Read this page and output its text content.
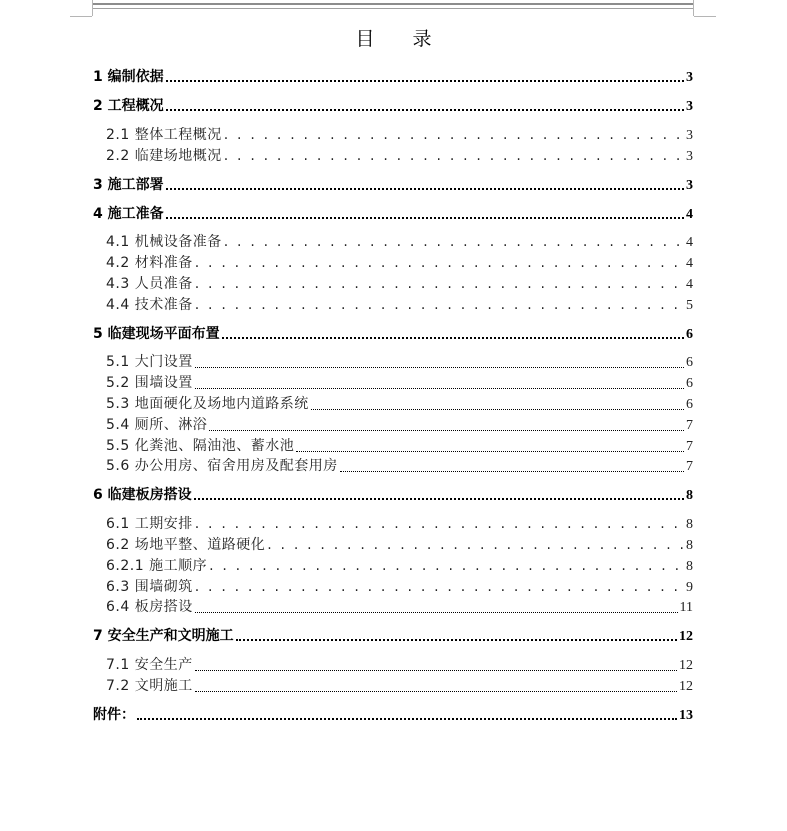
目　　录
1 编制依据	3
2 工程概况	3
2.1 整体工程概况 . . .	3
2.2 临建场地概况 . . .	3
3 施工部署	3
4 施工准备	4
4.1 机械设备准备 . . .	4
4.2 材料准备 . . .	4
4.3 人员准备 . . .	4
4.4 技术准备 . . .	5
5 临建现场平面布置	6
5.1 大门设置	6
5.2 围墙设置	6
5.3 地面硬化及场地内道路系统	6
5.4 厕所、淋浴	7
5.5 化粪池、隔油池、蓄水池	7
5.6 办公用房、宿舍用房及配套用房	7
6 临建板房搭设	8
6.1 工期安排 . . .	8
6.2 场地平整、道路硬化 . . .	8
6.2.1 施工顺序 . . .	8
6.3 围墙砌筑 . . .	9
6.4 板房搭设	11
7 安全生产和文明施工	12
7.1 安全生产	12
7.2 文明施工	12
附件：	13
